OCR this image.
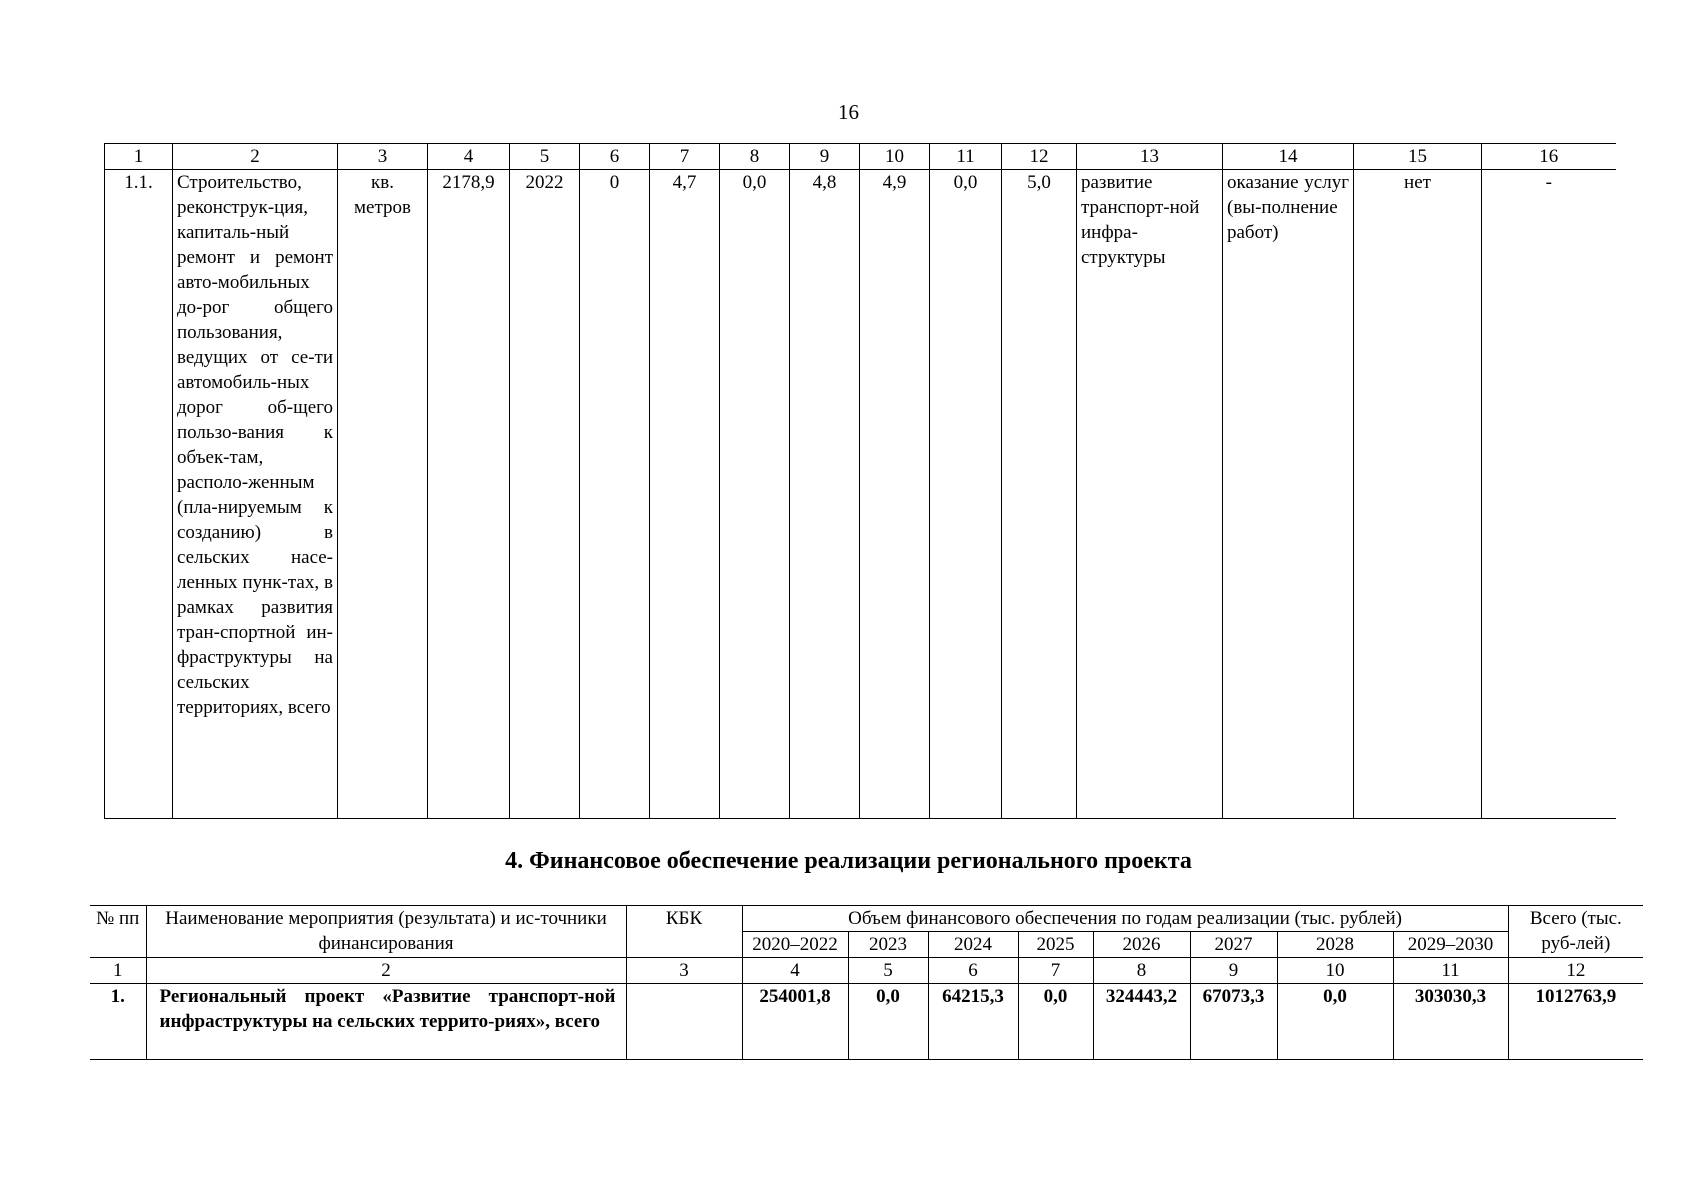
16
1	2	3	4	5	6	7	8	9	10	11	12	13	14	15	16
1.1.	Строительство, реконструк-ция, капиталь-ный ремонт и ремонт авто-мобильных до-рог общего пользования, ведущих от се-ти автомобиль-ных дорог об-щего пользо-вания к объек-там, располо-женным (пла-нируемым к созданию) в сельских насе-ленных пунк-тах, в рамках развития тран-спортной ин-фраструктуры на сельских территориях, всего	кв. метров	2178,9	2022	0	4,7	0,0	4,8	4,9	0,0	5,0	развитие транспорт-ной инфра-структуры	оказание услуг (вы-полнение работ)	нет	-
4. Финансовое обеспечение реализации регионального проекта
№ пп	Наименование мероприятия (результата) и ис-точники финансирования	КБК	Объем финансового обеспечения по годам реализации (тыс. рублей)								Всего (тыс. руб-лей)
			2020–2022	2023	2024	2025	2026	2027	2028	2029–2030	
1	2	3	4	5	6	7	8	9	10	11	12
1.	Региональный проект «Развитие транспорт-ной инфраструктуры на сельских террито-риях», всего		254001,8	0,0	64215,3	0,0	324443,2	67073,3	0,0	303030,3	1012763,9
